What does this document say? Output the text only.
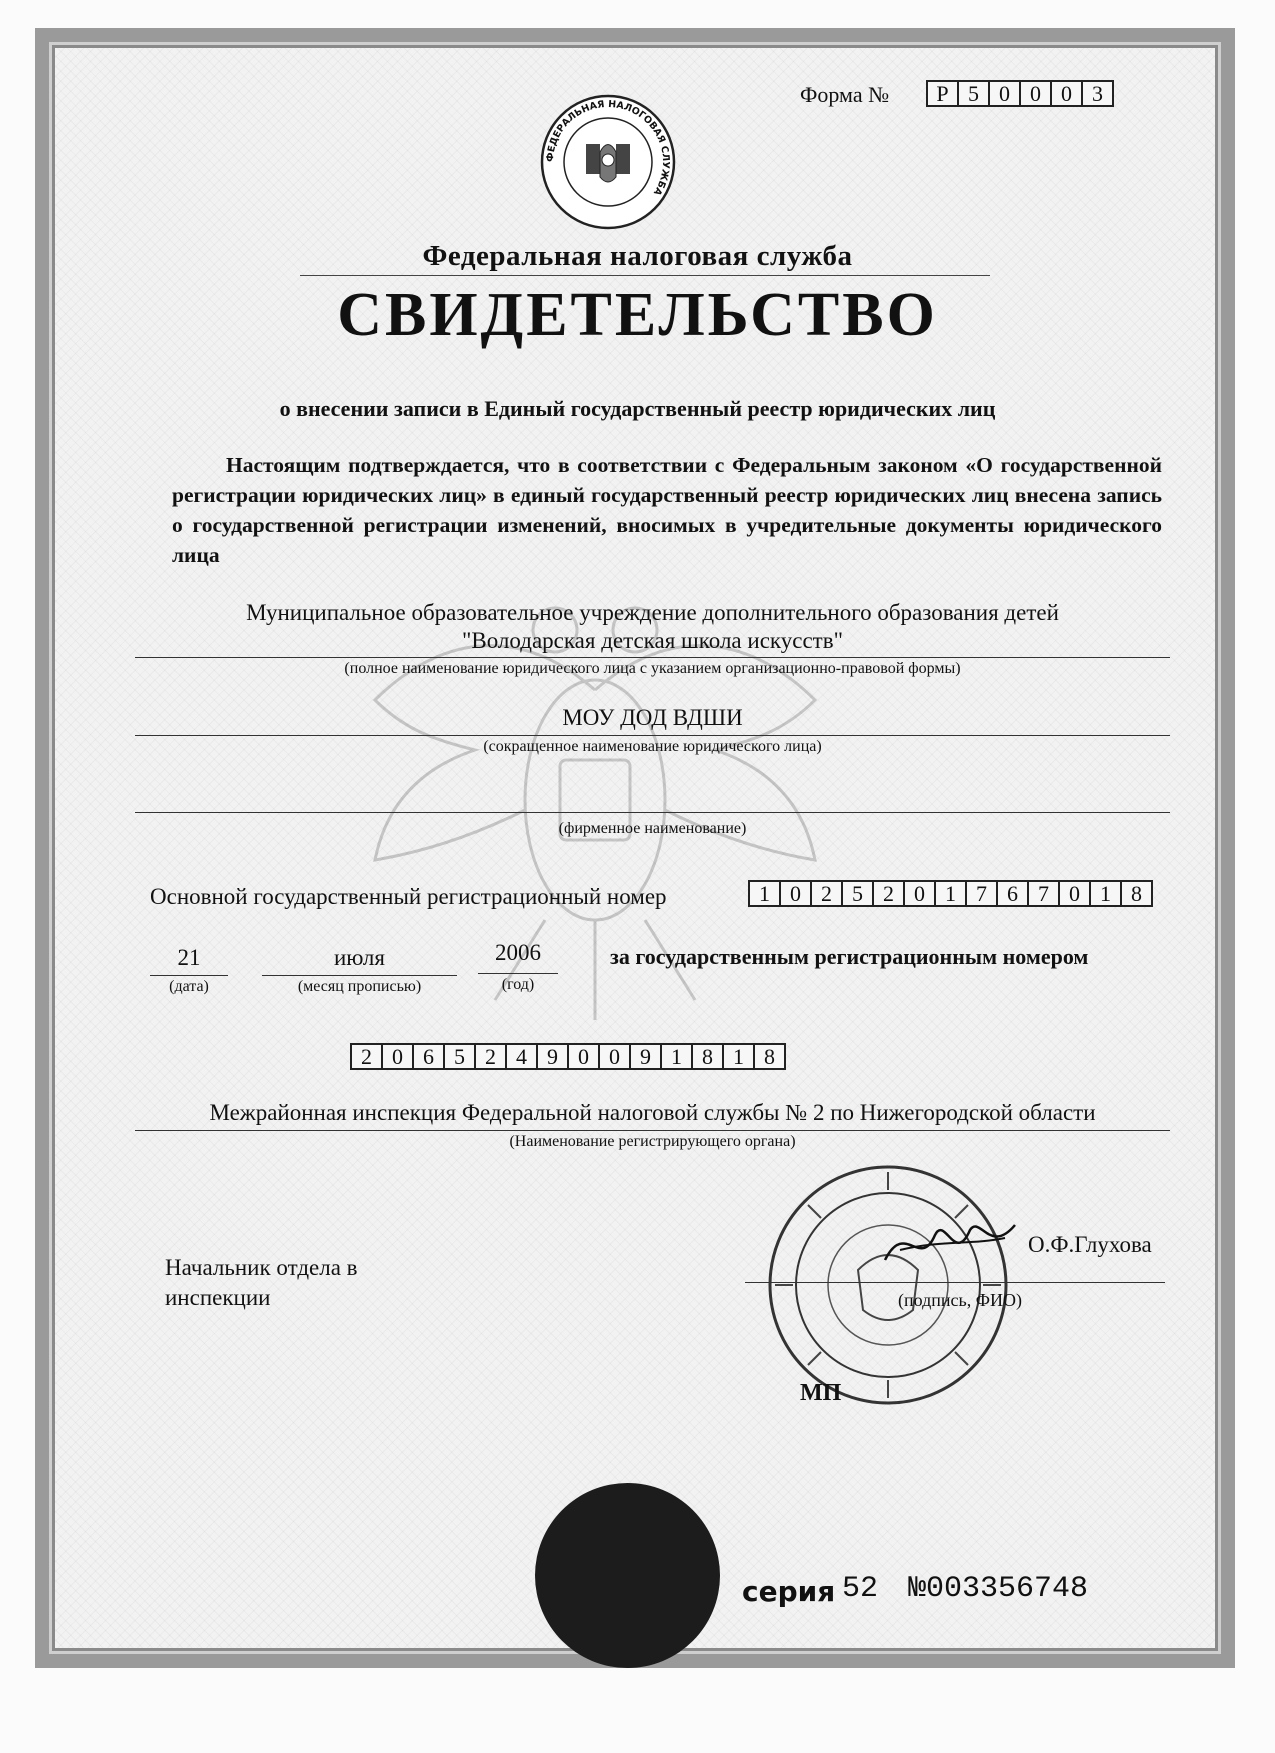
Форма №	Р 5 0 0 0 3
ФЕДЕРАЛЬНАЯ НАЛОГОВАЯ СЛУЖБА
Федеральная налоговая служба
СВИДЕТЕЛЬСТВО
о внесении записи в Единый государственный реестр юридических лиц
Настоящим подтверждается, что в соответствии с Федеральным законом «О государственной регистрации юридических лиц» в единый государственный реестр юридических лиц внесена запись о государственной регистрации изменений, вносимых в учредительные документы юридического лица
Муниципальное образовательное учреждение дополнительного образования детей
"Володарская детская школа искусств"
(полное наименование юридического лица с указанием организационно-правовой формы)
МОУ ДОД ВДШИ
(сокращенное наименование юридического лица)
(фирменное наименование)
Основной государственный регистрационный номер	1 0 2 5 2 0 1 7 6 7 0 1 8
21
(дата)
июля
(месяц прописью)
2006
(год)
за государственным регистрационным номером
2 0 6 5 2 4 9 0 0 9 1 8 1 8
Межрайонная инспекция Федеральной налоговой службы № 2 по Нижегородской области
(Наименование регистрирующего органа)
Начальник отдела в
инспекции
О.Ф.Глухова
(подпись, ФИО)
МП
серия 52 №003356748
